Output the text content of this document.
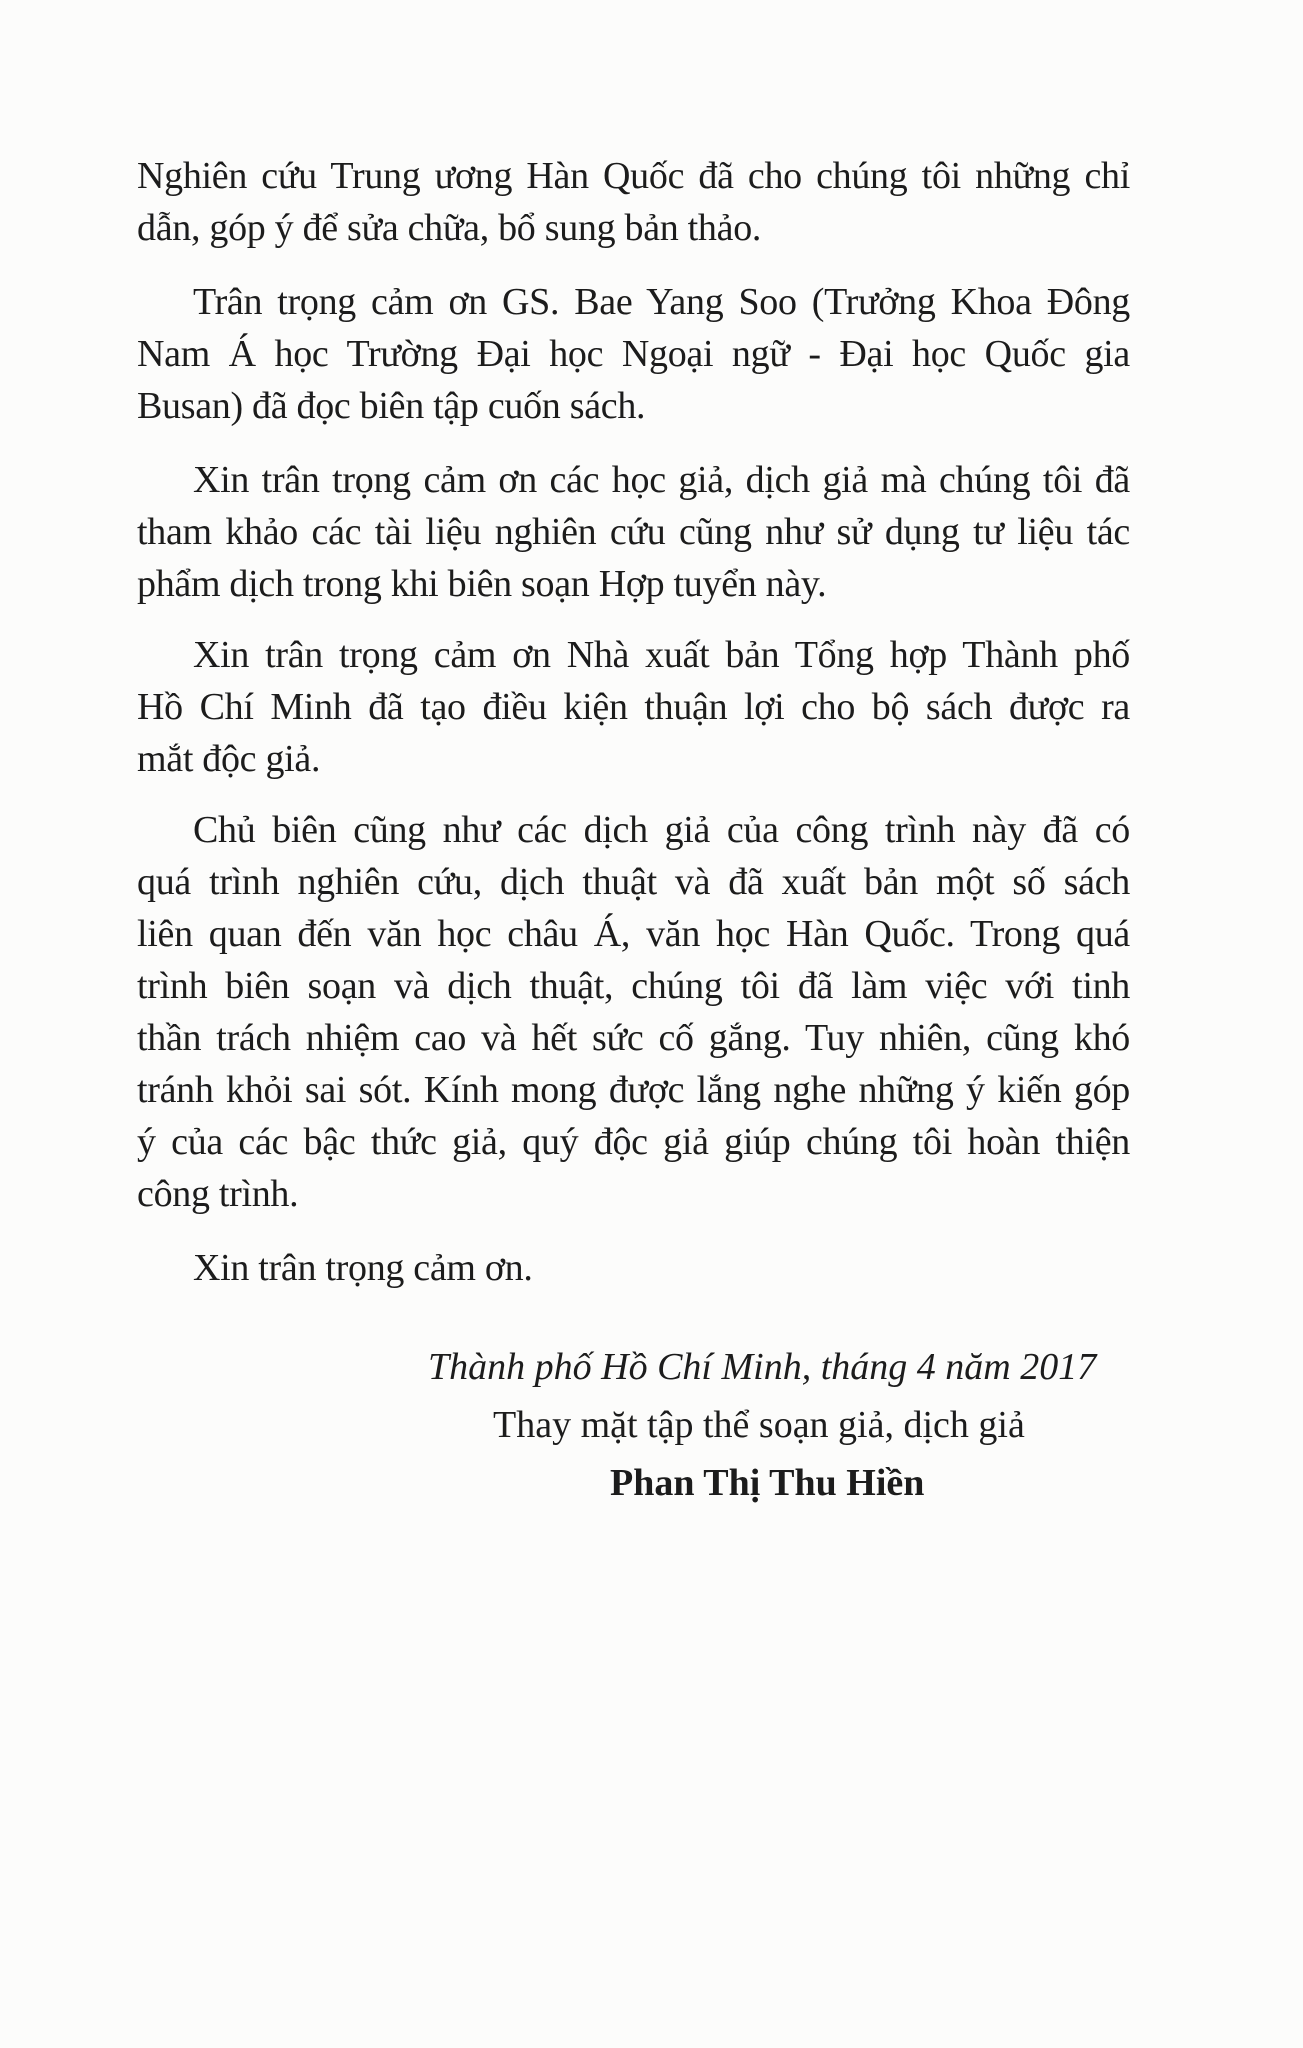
Nghiên cứu Trung ương Hàn Quốc đã cho chúng tôi những chỉ
dẫn, góp ý để sửa chữa, bổ sung bản thảo.
Trân trọng cảm ơn GS. Bae Yang Soo (Trưởng Khoa Đông
Nam Á học Trường Đại học Ngoại ngữ - Đại học Quốc gia
Busan) đã đọc biên tập cuốn sách.
Xin trân trọng cảm ơn các học giả, dịch giả mà chúng tôi đã
tham khảo các tài liệu nghiên cứu cũng như sử dụng tư liệu tác
phẩm dịch trong khi biên soạn Hợp tuyển này.
Xin trân trọng cảm ơn Nhà xuất bản Tổng hợp Thành phố
Hồ Chí Minh đã tạo điều kiện thuận lợi cho bộ sách được ra
mắt độc giả.
Chủ biên cũng như các dịch giả của công trình này đã có
quá trình nghiên cứu, dịch thuật và đã xuất bản một số sách
liên quan đến văn học châu Á, văn học Hàn Quốc. Trong quá
trình biên soạn và dịch thuật, chúng tôi đã làm việc với tinh
thần trách nhiệm cao và hết sức cố gắng. Tuy nhiên, cũng khó
tránh khỏi sai sót. Kính mong được lắng nghe những ý kiến góp
ý của các bậc thức giả, quý độc giả giúp chúng tôi hoàn thiện
công trình.
Xin trân trọng cảm ơn.
Thành phố Hồ Chí Minh, tháng 4 năm 2017
Thay mặt tập thể soạn giả, dịch giả
Phan Thị Thu Hiền
